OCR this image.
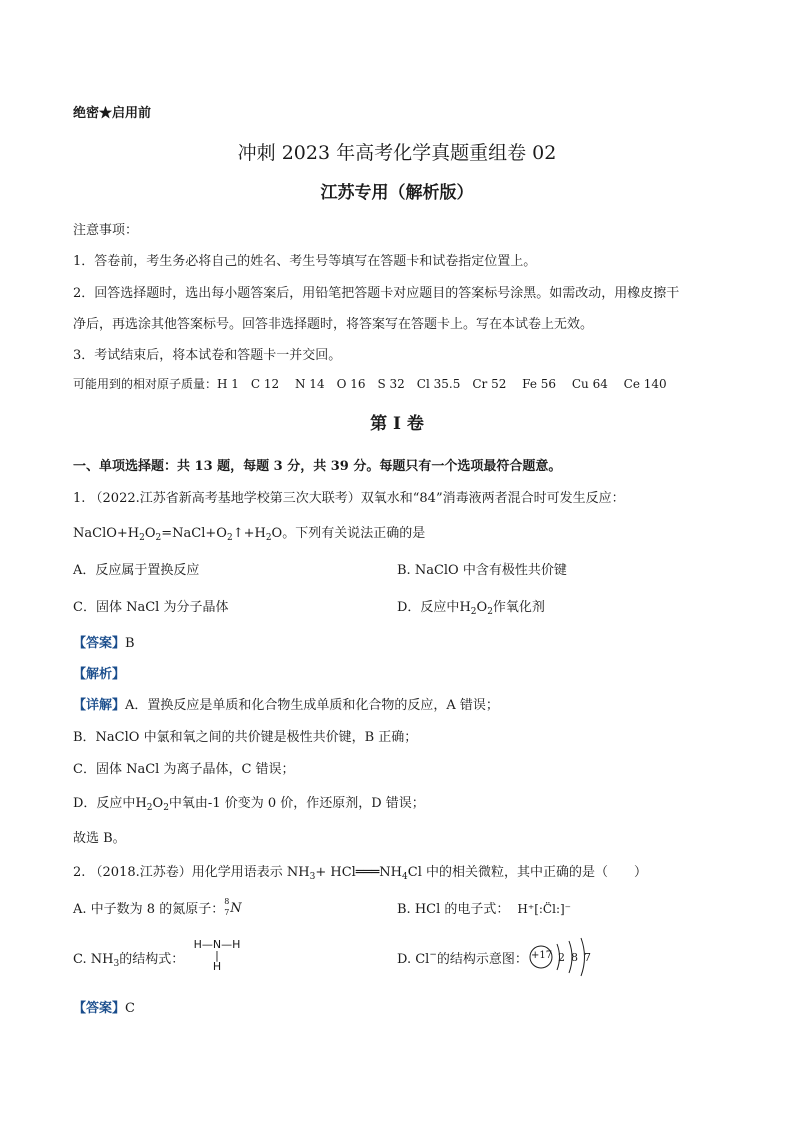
绝密★启用前
冲刺 2023 年高考化学真题重组卷 02
江苏专用（解析版）
注意事项：
1．答卷前，考生务必将自己的姓名、考生号等填写在答题卡和试卷指定位置上。
2．回答选择题时，选出每小题答案后，用铅笔把答题卡对应题目的答案标号涂黑。如需改动，用橡皮擦干
净后，再选涂其他答案标号。回答非选择题时，将答案写在答题卡上。写在本试卷上无效。
3．考试结束后，将本试卷和答题卡一并交回。
可能用到的相对原子质量：H 1　C 12　 N 14　O 16　S 32　Cl 35.5　Cr 52　 Fe 56　 Cu 64　 Ce 140
第 I 卷
一、单项选择题：共 13 题，每题 3 分，共 39 分。每题只有一个选项最符合题意。
1. （2022.江苏省新高考基地学校第三次大联考）双氧水和“84”消毒液两者混合时可发生反应：
$NaClO+H_2O_2=NaCl+O_2↑+H_2O$。下列有关说法正确的是
A．反应属于置换反应	B. NaClO 中含有极性共价键
C．固体 NaCl 为分子晶体	D．反应中$H_2O_2$作氧化剂
【答案】B
【解析】
【详解】A．置换反应是单质和化合物生成单质和化合物的反应，A 错误；
B．NaClO 中氯和氧之间的共价键是极性共价键，B 正确；
C．固体 NaCl 为离子晶体，C 错误；
D．反应中$H_2O_2$中氧由-1 价变为 0 价，作还原剂，D 错误；
故选 B。
2. （2018.江苏卷）用化学用语表示 $NH_3+$ $HCl═══NH_4Cl$ 中的相关微粒，其中正确的是（　　）
A. 中子数为 8 的氮原子：
8
7 N	B. HCl 的电子式： H⁺[:C̈l:]⁻
C. $NH_3$的结构式：
H—N—H
|
H	D. Cl−的结构示意图： +17 2 8 7
【答案】C
